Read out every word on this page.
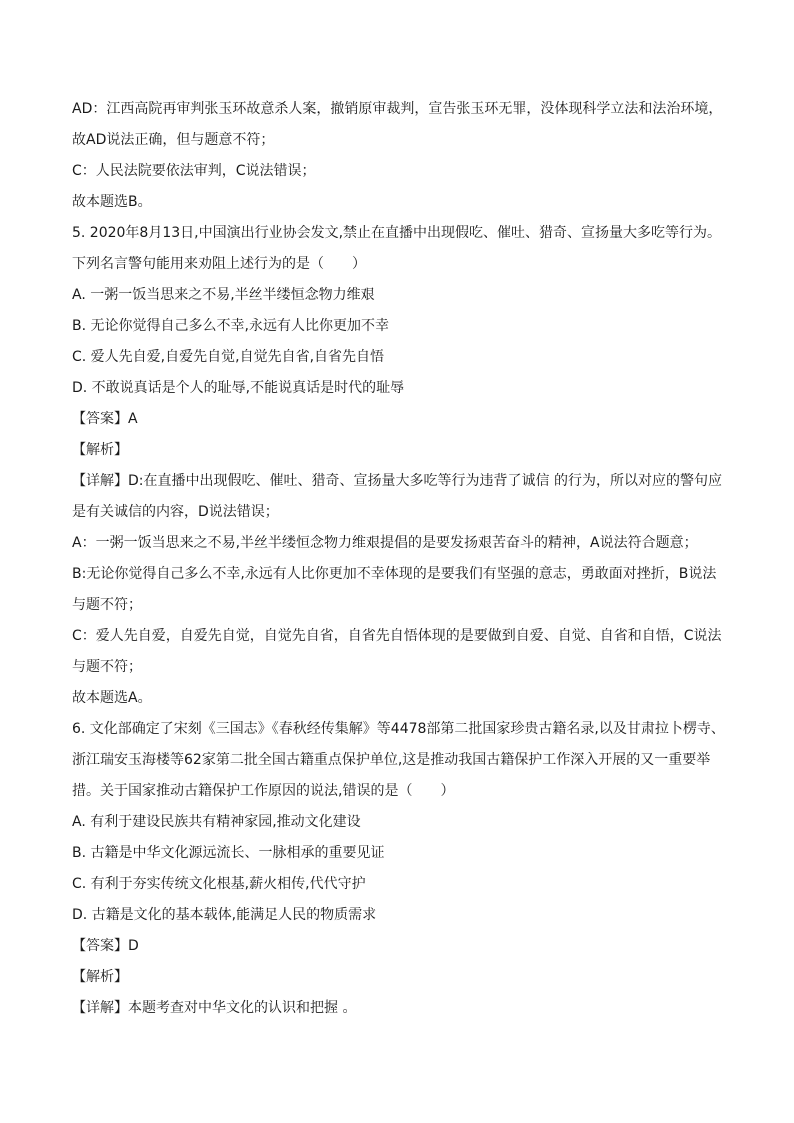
AD：江西高院再审判张玉环故意杀人案，撤销原审裁判，宣告张玉环无罪，没体现科学立法和法治环境，

故AD说法正确，但与题意不符；

C：人民法院要依法审判，C说法错误；

故本题选B。

5. 2020年8月13日,中国演出行业协会发文,禁止在直播中出现假吃、催吐、猎奇、宣扬量大多吃等行为。

下列名言警句能用来劝阻上述行为的是（　　）

A. 一粥一饭当思来之不易,半丝半缕恒念物力维艰

B. 无论你觉得自己多么不幸,永远有人比你更加不幸

C. 爱人先自爱,自爱先自觉,自觉先自省,自省先自悟

D. 不敢说真话是个人的耻辱,不能说真话是时代的耻辱

【答案】A

【解析】

【详解】D:在直播中出现假吃、催吐、猎奇、宣扬量大多吃等行为违背了诚信 的行为，所以对应的警句应

是有关诚信的内容，D说法错误；

A：一粥一饭当思来之不易,半丝半缕恒念物力维艰提倡的是要发扬艰苦奋斗的精神，A说法符合题意；

B:无论你觉得自己多么不幸,永远有人比你更加不幸体现的是要我们有坚强的意志，勇敢面对挫折，B说法

与题不符；

C：爱人先自爱，自爱先自觉，自觉先自省，自省先自悟体现的是要做到自爱、自觉、自省和自悟，C说法

与题不符；

故本题选A。

6. 文化部确定了宋刻《三国志》《春秋经传集解》等4478部第二批国家珍贵古籍名录,以及甘肃拉卜楞寺、

浙江瑞安玉海楼等62家第二批全国古籍重点保护单位,这是推动我国古籍保护工作深入开展的又一重要举

措。关于国家推动古籍保护工作原因的说法,错误的是（　　）

A. 有利于建设民族共有精神家园,推动文化建设

B. 古籍是中华文化源远流长、一脉相承的重要见证

C. 有利于夯实传统文化根基,薪火相传,代代守护

D. 古籍是文化的基本载体,能满足人民的物质需求

【答案】D

【解析】

【详解】本题考查对中华文化的认识和把握 。
